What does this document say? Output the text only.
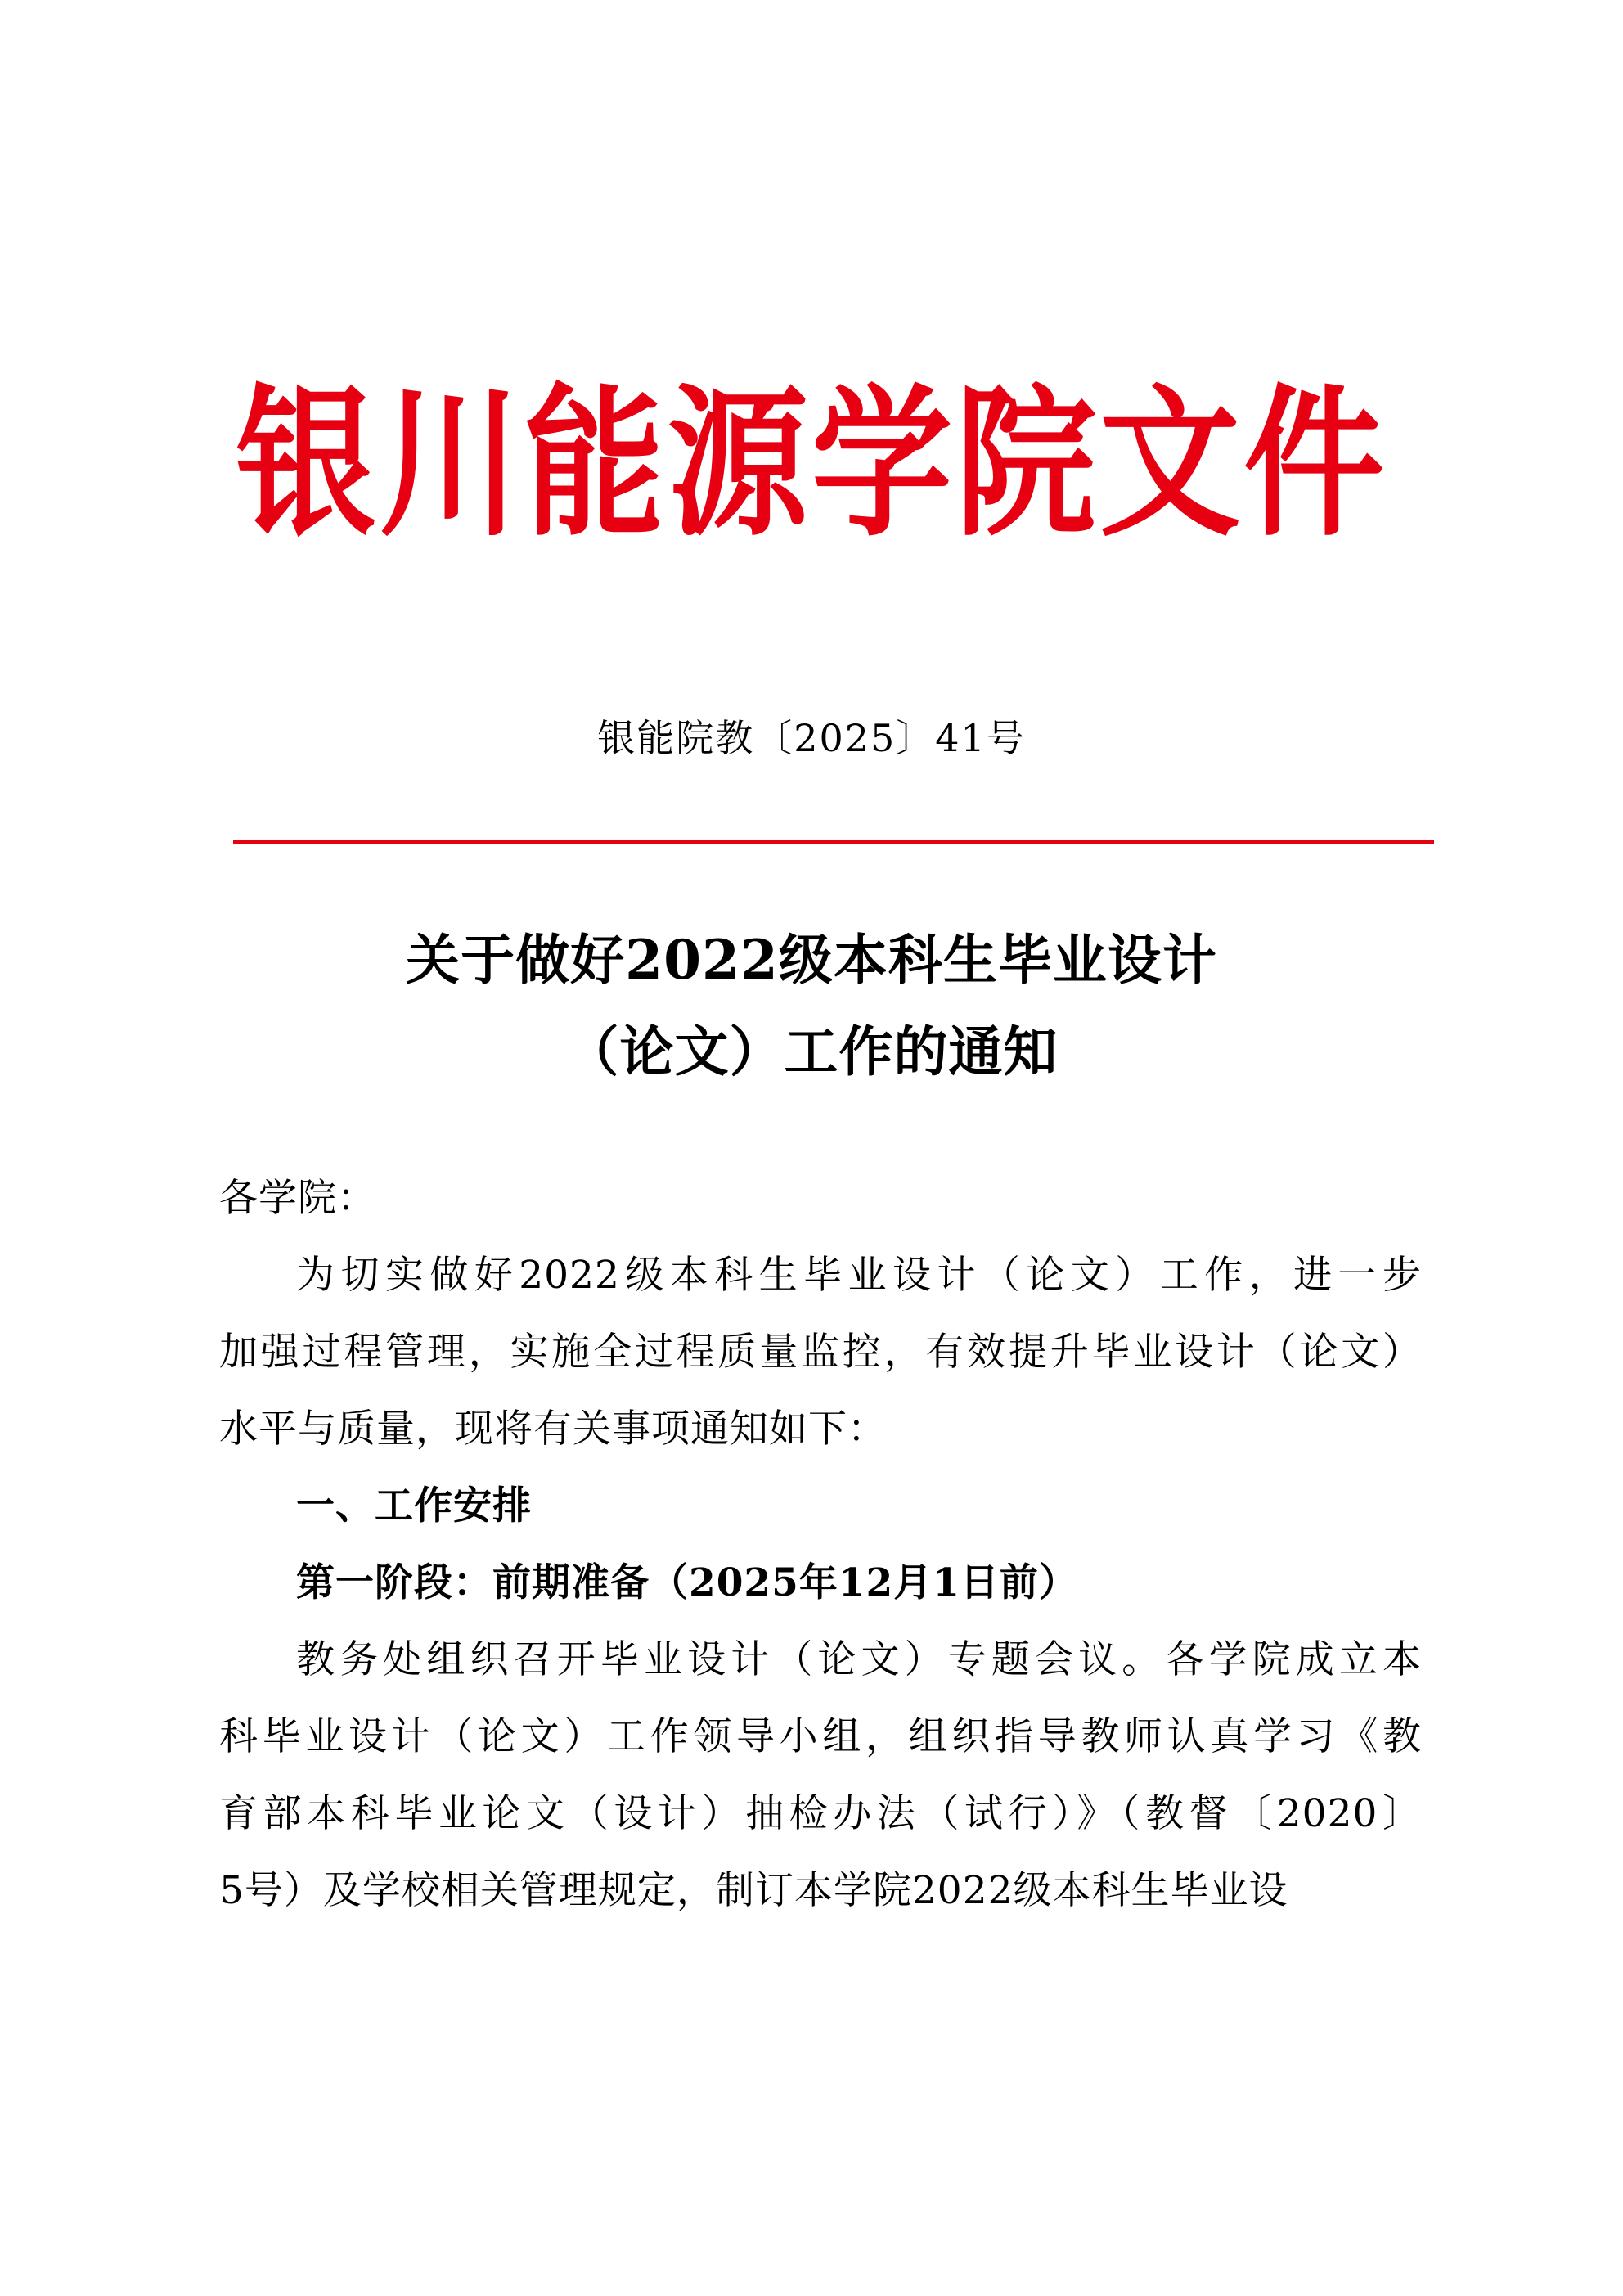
银川能源学院文件
银能院教〔2025〕41号
关于做好2022级本科生毕业设计
（论文）工作的通知
各学院：
为切实做好2022级本科生毕业设计（论文）工作，进一步
加强过程管理，实施全过程质量监控，有效提升毕业设计（论文）
水平与质量，现将有关事项通知如下：
一、工作安排
第一阶段：前期准备（2025年12月1日前）
教务处组织召开毕业设计（论文）专题会议。各学院成立本
科毕业设计（论文）工作领导小组，组织指导教师认真学习《教
育部本科毕业论文（设计）抽检办法（试行）》（教督〔2020〕
5号）及学校相关管理规定，制订本学院2022级本科生毕业设
